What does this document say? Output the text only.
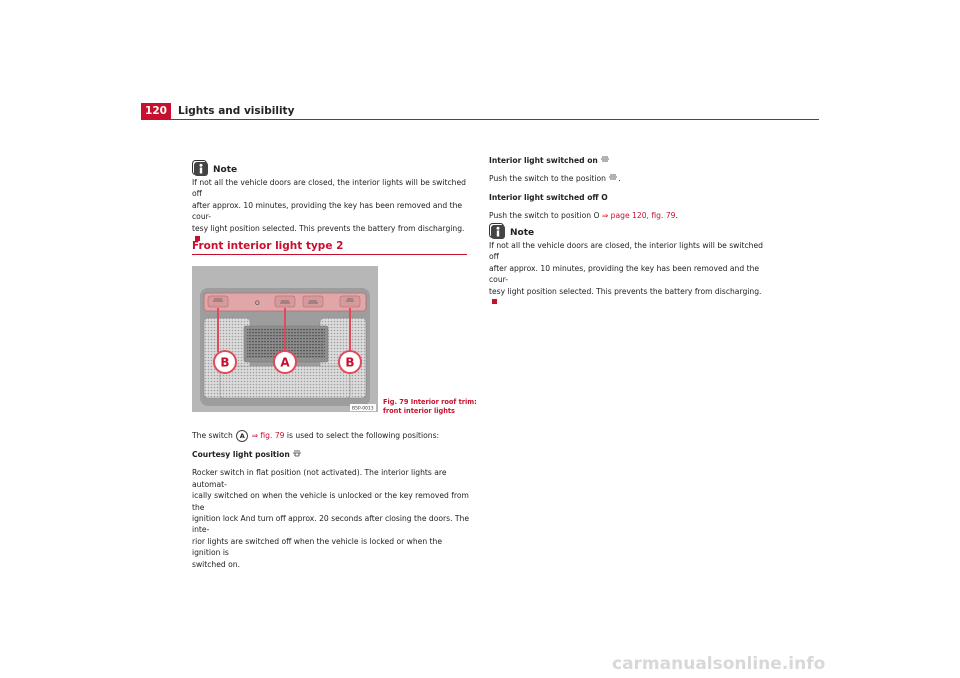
120	Lights and visibility
Note
If not all the vehicle doors are closed, the interior lights will be switched off
after approx. 10 minutes, providing the key has been removed and the cour-
tesy light position selected. This prevents the battery from discharging.
Front interior light type 2
O
B	A	B
B5P-0013
Fig. 79 Interior roof trim:
front interior lights
The switch A ⇒ fig. 79 is used to select the following positions:
Courtesy light position
Rocker switch in flat position (not activated). The interior lights are automat-
ically switched on when the vehicle is unlocked or the key removed from the
ignition lock And turn off approx. 20 seconds after closing the doors. The inte-
rior lights are switched off when the vehicle is locked or when the ignition is
switched on.
Interior light switched on
Push the switch to the position .
Interior light switched off O
Push the switch to position O ⇒ page 120, fig. 79.
Note
If not all the vehicle doors are closed, the interior lights will be switched off
after approx. 10 minutes, providing the key has been removed and the cour-
tesy light position selected. This prevents the battery from discharging.
carmanualsonline.info
